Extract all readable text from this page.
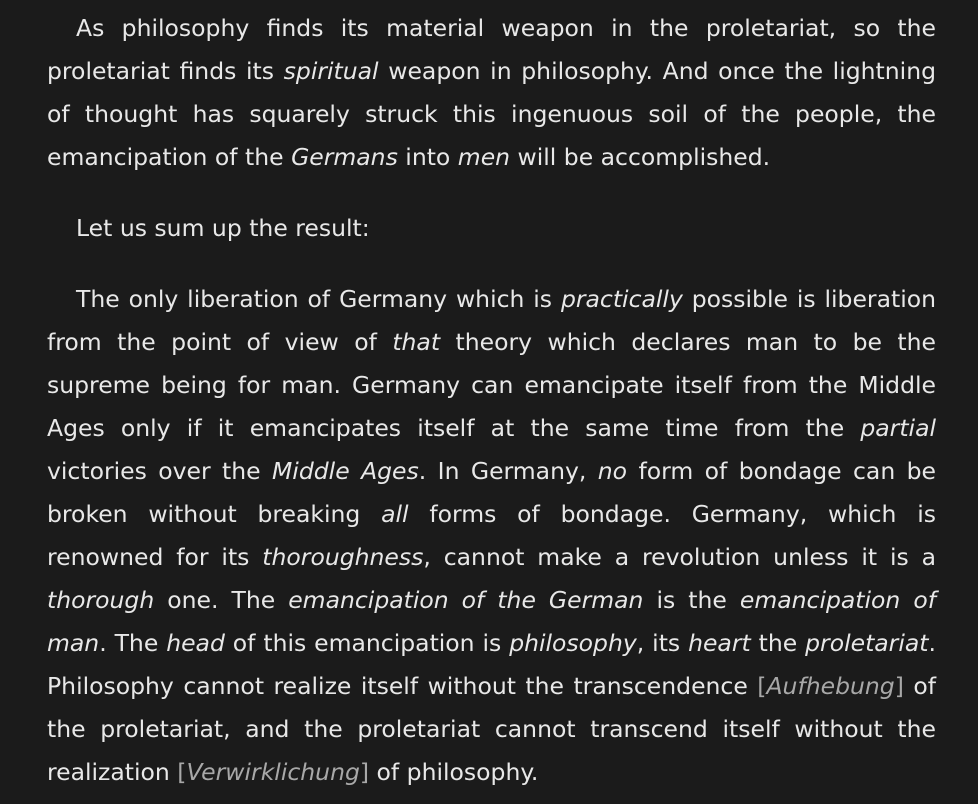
As philosophy finds its material weapon in the proletariat, so the proletariat finds its spiritual weapon in philosophy. And once the lightning of thought has squarely struck this ingenuous soil of the people, the emancipation of the Germans into men will be accomplished.

Let us sum up the result:

The only liberation of Germany which is practically possible is liberation from the point of view of that theory which declares man to be the supreme being for man. Germany can emancipate itself from the Middle Ages only if it emancipates itself at the same time from the partial victories over the Middle Ages. In Germany, no form of bondage can be broken without breaking all forms of bondage. Germany, which is renowned for its thoroughness, cannot make a revolution unless it is a thorough one. The emancipation of the German is the emancipation of man. The head of this emancipation is philosophy, its heart the proletariat. Philosophy cannot realize itself without the transcendence [Aufhebung] of the proletariat, and the proletariat cannot transcend itself without the realization [Verwirklichung] of philosophy.
